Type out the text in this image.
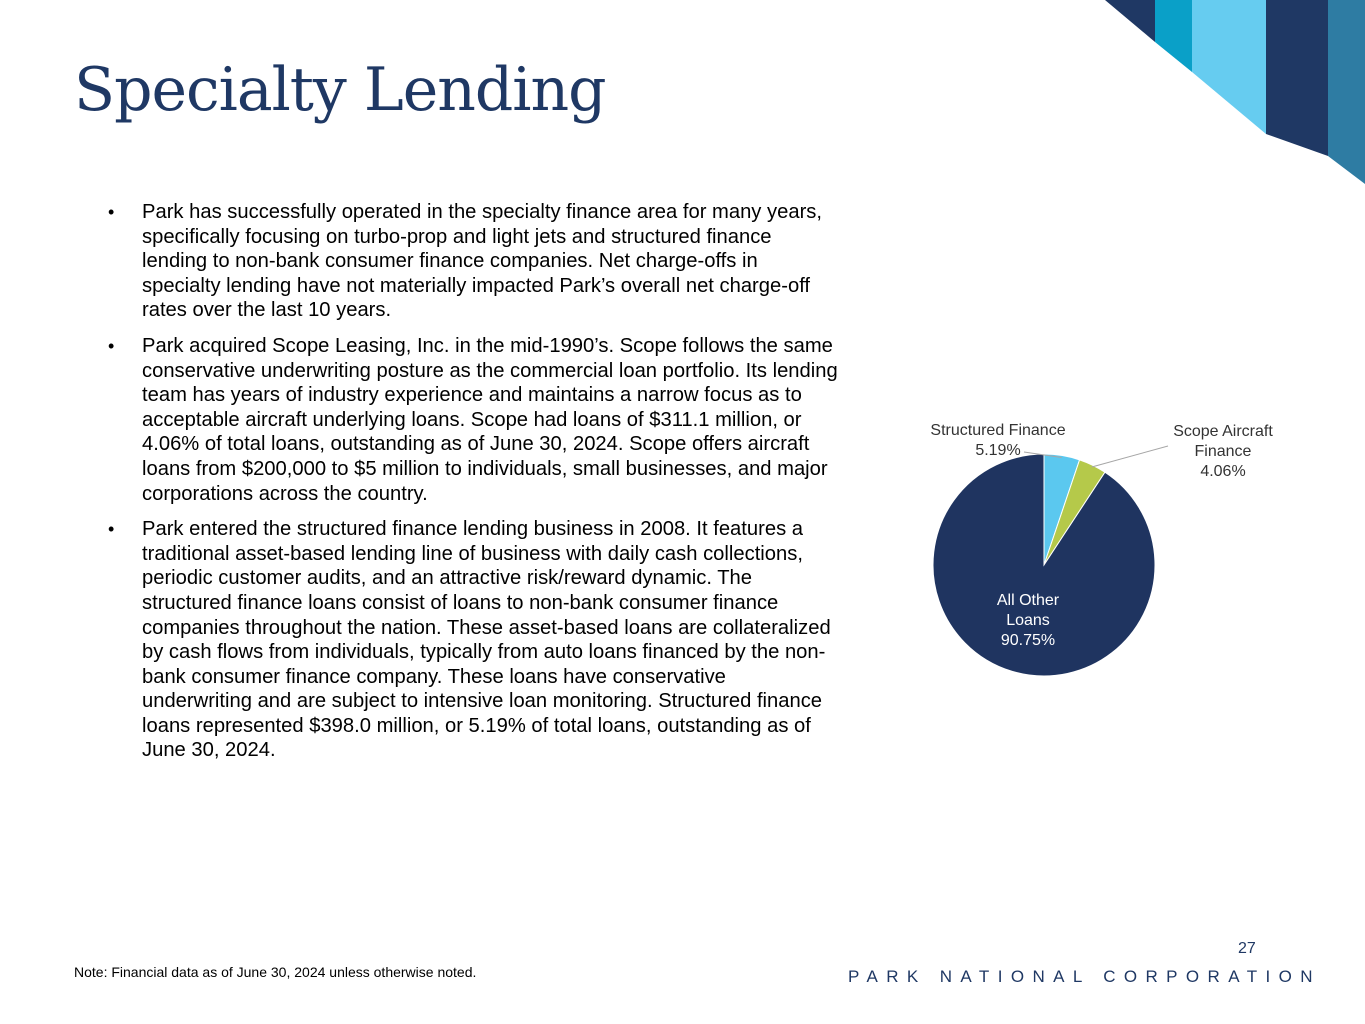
Specialty Lending
• Park has successfully operated in the specialty finance area for many years, specifically focusing on turbo-prop and light jets and structured finance lending to non-bank consumer finance companies. Net charge-offs in specialty lending have not materially impacted Park’s overall net charge-off rates over the last 10 years.
• Park acquired Scope Leasing, Inc. in the mid-1990’s. Scope follows the same conservative underwriting posture as the commercial loan portfolio. Its lending team has years of industry experience and maintains a narrow focus as to acceptable aircraft underlying loans. Scope had loans of $311.1 million, or 4.06% of total loans, outstanding as of June 30, 2024. Scope offers aircraft loans from $200,000 to $5 million to individuals, small businesses, and major corporations across the country.
• Park entered the structured finance lending business in 2008. It features a traditional asset-based lending line of business with daily cash collections, periodic customer audits, and an attractive risk/reward dynamic. The structured finance loans consist of loans to non-bank consumer finance companies throughout the nation. These asset-based loans are collateralized by cash flows from individuals, typically from auto loans financed by the non-bank consumer finance company. These loans have conservative underwriting and are subject to intensive loan monitoring. Structured finance loans represented $398.0 million, or 5.19% of total loans, outstanding as of June 30, 2024.
Structured Finance 5.19%
Scope Aircraft Finance 4.06%
All Other Loans 90.75%
Note: Financial data as of June 30, 2024 unless otherwise noted.
27
PARK NATIONAL CORPORATION
